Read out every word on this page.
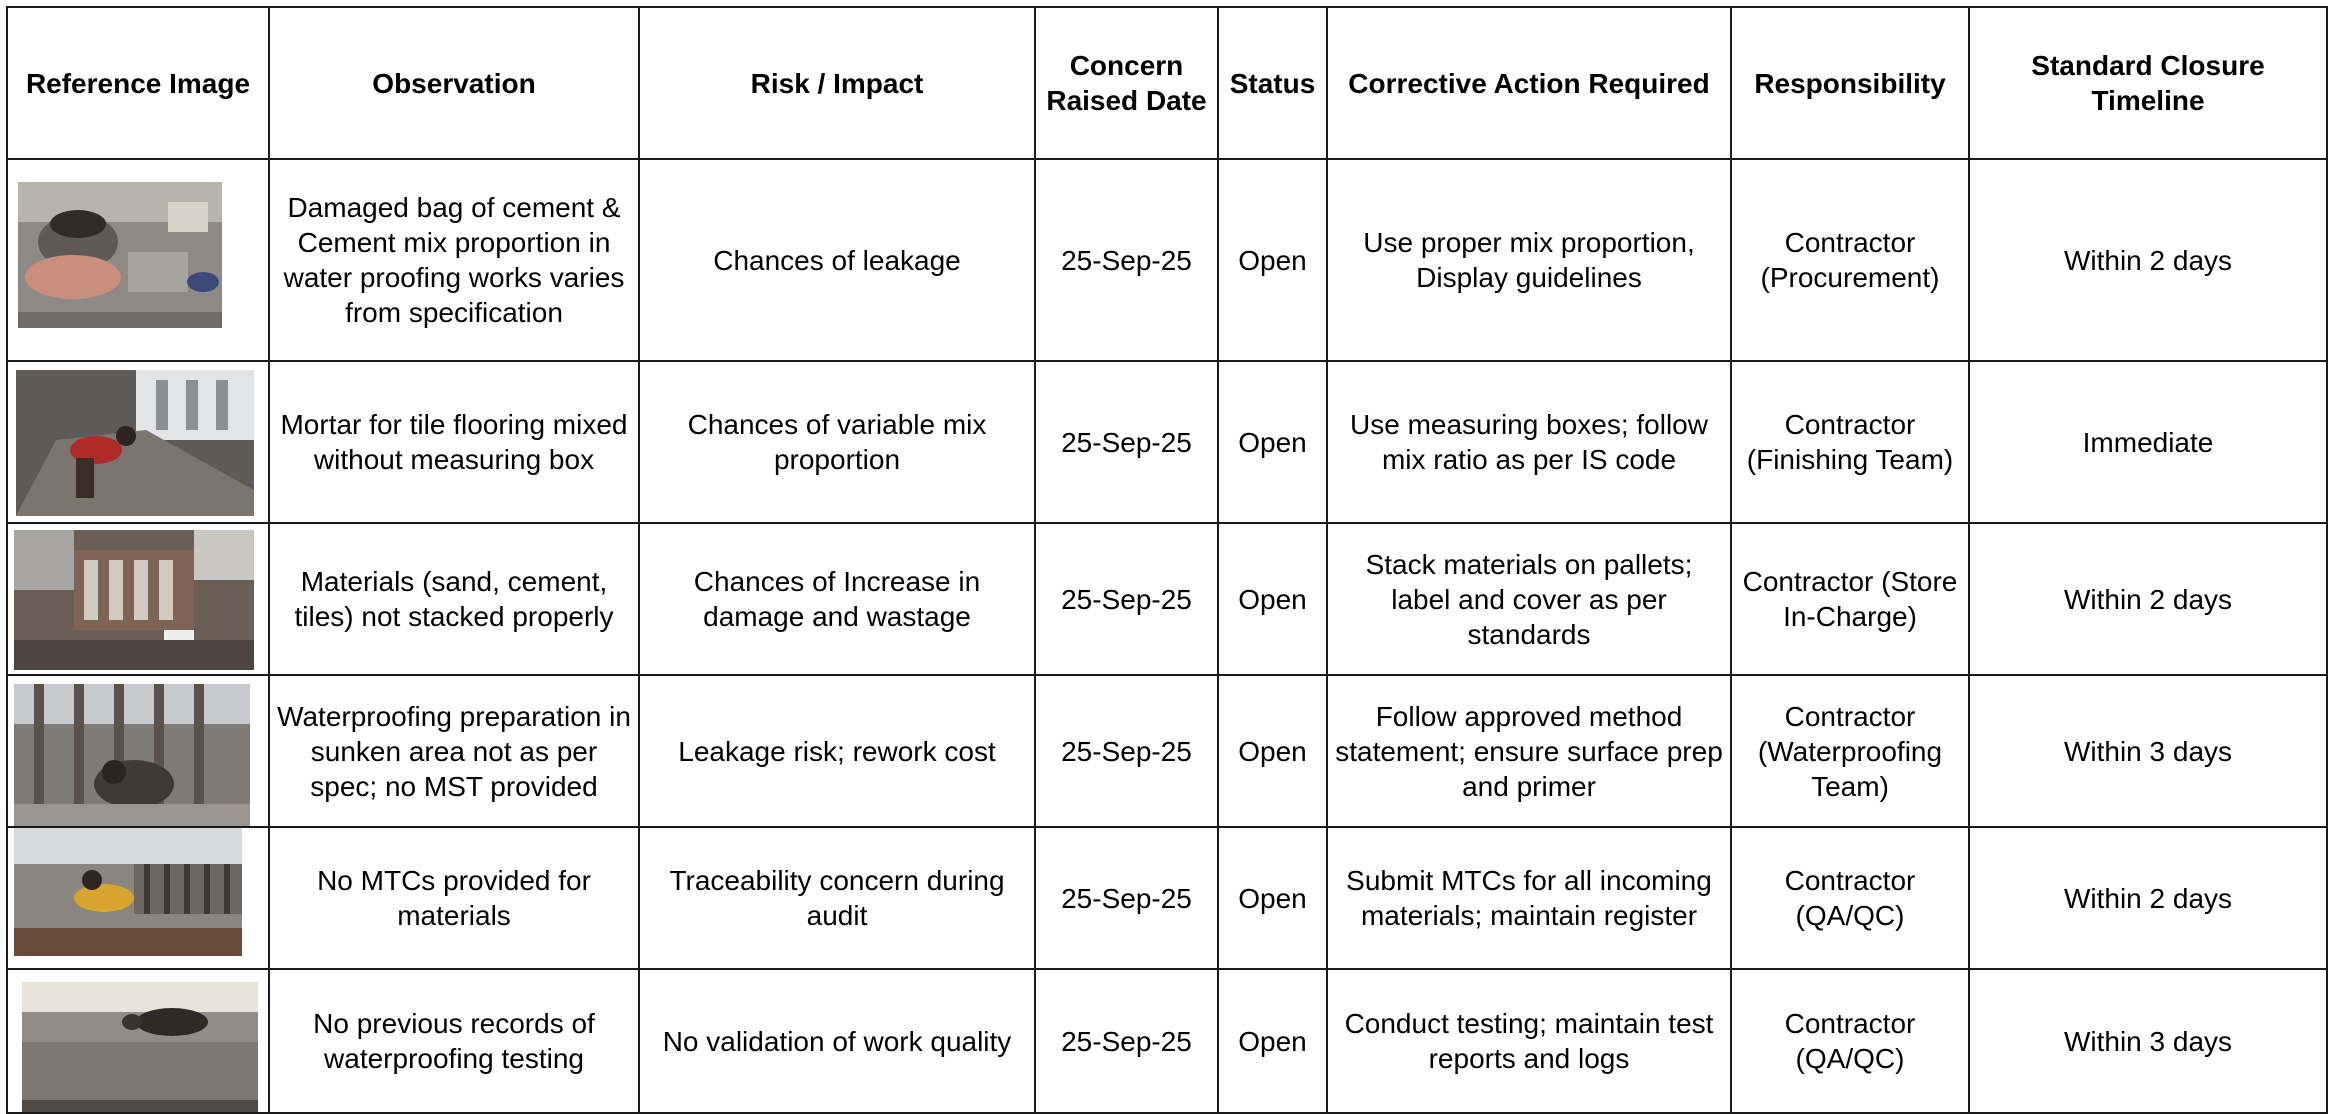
Reference Image	Observation	Risk / Impact	Concern Raised Date	Status	Corrective Action Required	Responsibility	Standard Closure Timeline

	Damaged bag of cement & Cement mix proportion in water proofing works varies from specification	Chances of leakage	25-Sep-25	Open	Use proper mix proportion, Display guidelines	Contractor (Procurement)	Within 2 days

	Mortar for tile flooring mixed without measuring box	Chances of variable mix proportion	25-Sep-25	Open	Use measuring boxes; follow mix ratio as per IS code	Contractor (Finishing Team)	Immediate

	Materials (sand, cement, tiles) not stacked properly	Chances of Increase in damage and wastage	25-Sep-25	Open	Stack materials on pallets; label and cover as per standards	Contractor (Store In-Charge)	Within 2 days

	Waterproofing preparation in sunken area not as per spec; no MST provided	Leakage risk; rework cost	25-Sep-25	Open	Follow approved method statement; ensure surface prep and primer	Contractor (Waterproofing Team)	Within 3 days

	No MTCs provided for materials	Traceability concern during audit	25-Sep-25	Open	Submit MTCs for all incoming materials; maintain register	Contractor (QA/QC)	Within 2 days

	No previous records of waterproofing testing	No validation of work quality	25-Sep-25	Open	Conduct testing; maintain test reports and logs	Contractor (QA/QC)	Within 3 days
